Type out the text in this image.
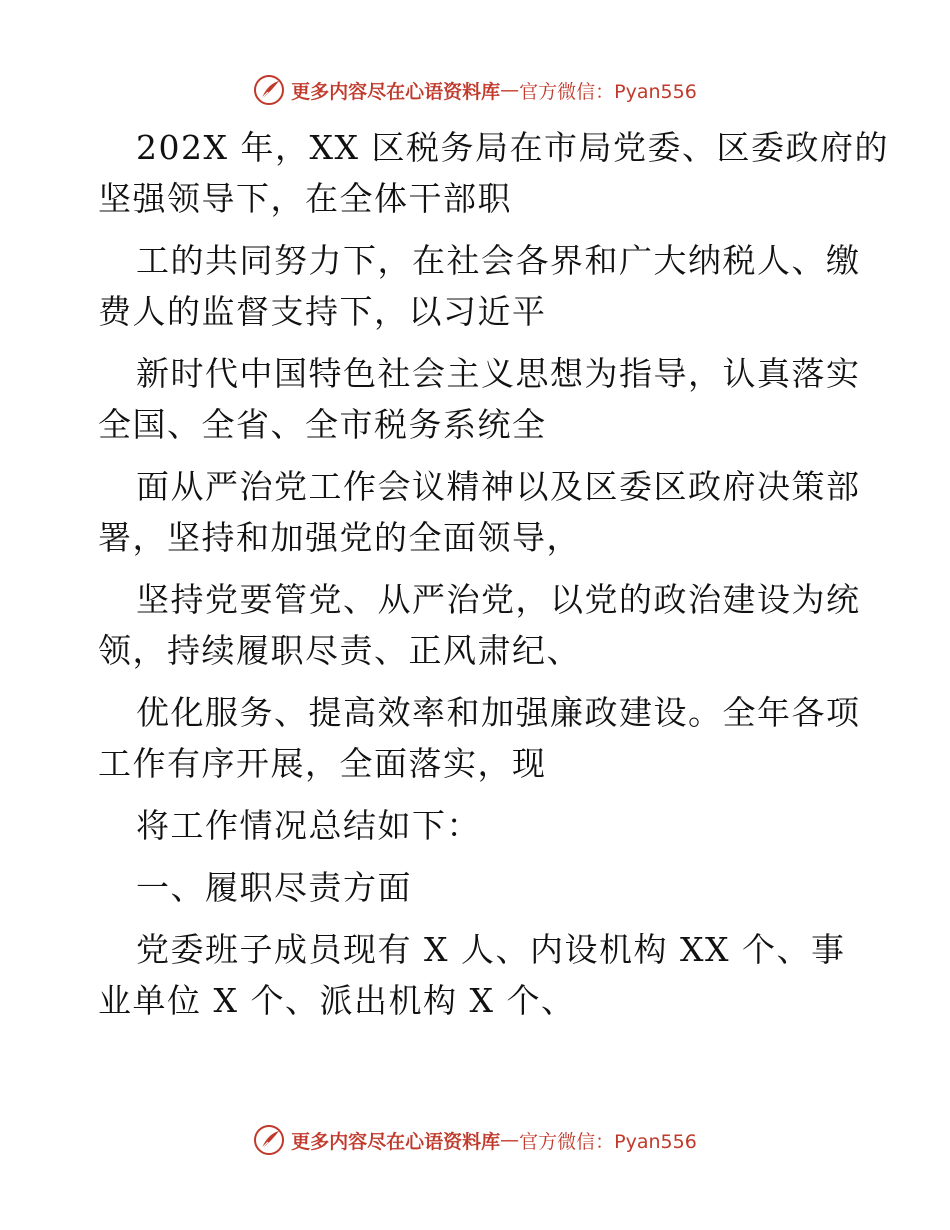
更多内容尽在心语资料库 — 官方微信：Pyan556

202X 年，XX 区税务局在市局党委、区委政府的
坚强领导下，在全体干部职

工的共同努力下，在社会各界和广大纳税人、缴
费人的监督支持下，以习近平

新时代中国特色社会主义思想为指导，认真落实
全国、全省、全市税务系统全

面从严治党工作会议精神以及区委区政府决策部
署，坚持和加强党的全面领导，

坚持党要管党、从严治党，以党的政治建设为统
领，持续履职尽责、正风肃纪、

优化服务、提高效率和加强廉政建设。全年各项
工作有序开展，全面落实，现

将工作情况总结如下：

一、履职尽责方面

党委班子成员现有 X 人、内设机构 XX 个、事
业单位 X 个、派出机构 X 个、

更多内容尽在心语资料库 — 官方微信：Pyan556
